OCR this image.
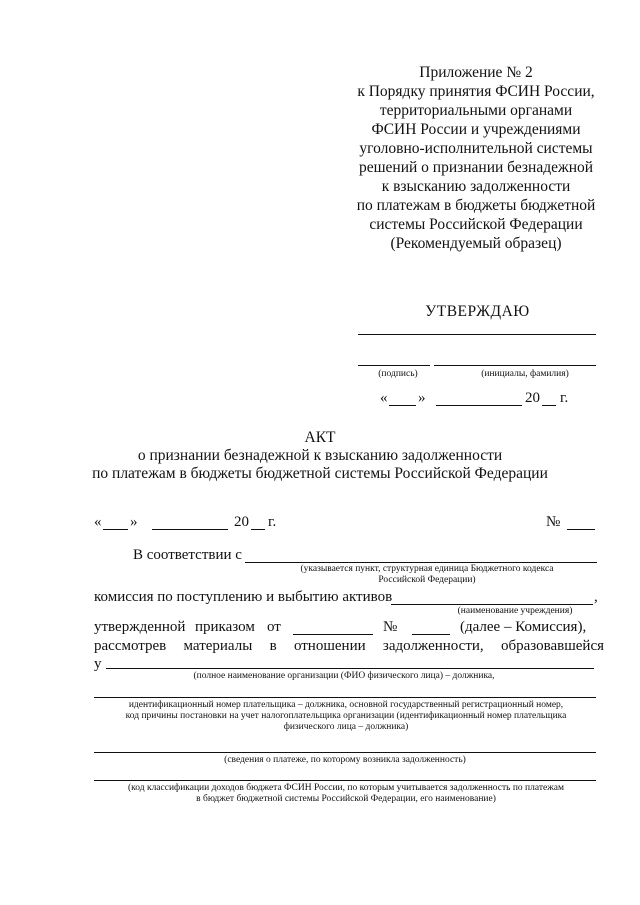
Приложение № 2
к Порядку принятия ФСИН России,
территориальными органами
ФСИН России и учреждениями
уголовно-исполнительной системы
решений о признании безнадежной
к взысканию задолженности
по платежам в бюджеты бюджетной
системы Российской Федерации
(Рекомендуемый образец)
УТВЕРЖДАЮ
(подпись)	(инициалы, фамилия)
« »	20 г.
АКТ
о признании безнадежной к взысканию задолженности
по платежам в бюджеты бюджетной системы Российской Федерации
« »	20 г.	№
В соответствии с
(указывается пункт, структурная единица Бюджетного кодекса
Российской Федерации)
комиссия по поступлению и выбытию активов	,
(наименование учреждения)
утвержденной приказом от	№	(далее – Комиссия),
рассмотрев материалы в отношении задолженности, образовавшейся
у
(полное наименование организации (ФИО физического лица) – должника,
идентификационный номер плательщика – должника, основной государственный регистрационный номер,
код причины постановки на учет налогоплательщика организации (идентификационный номер плательщика
физического лица – должника)
(сведения о платеже, по которому возникла задолженность)
(код классификации доходов бюджета ФСИН России, по которым учитывается задолженность по платежам
в бюджет бюджетной системы Российской Федерации, его наименование)
